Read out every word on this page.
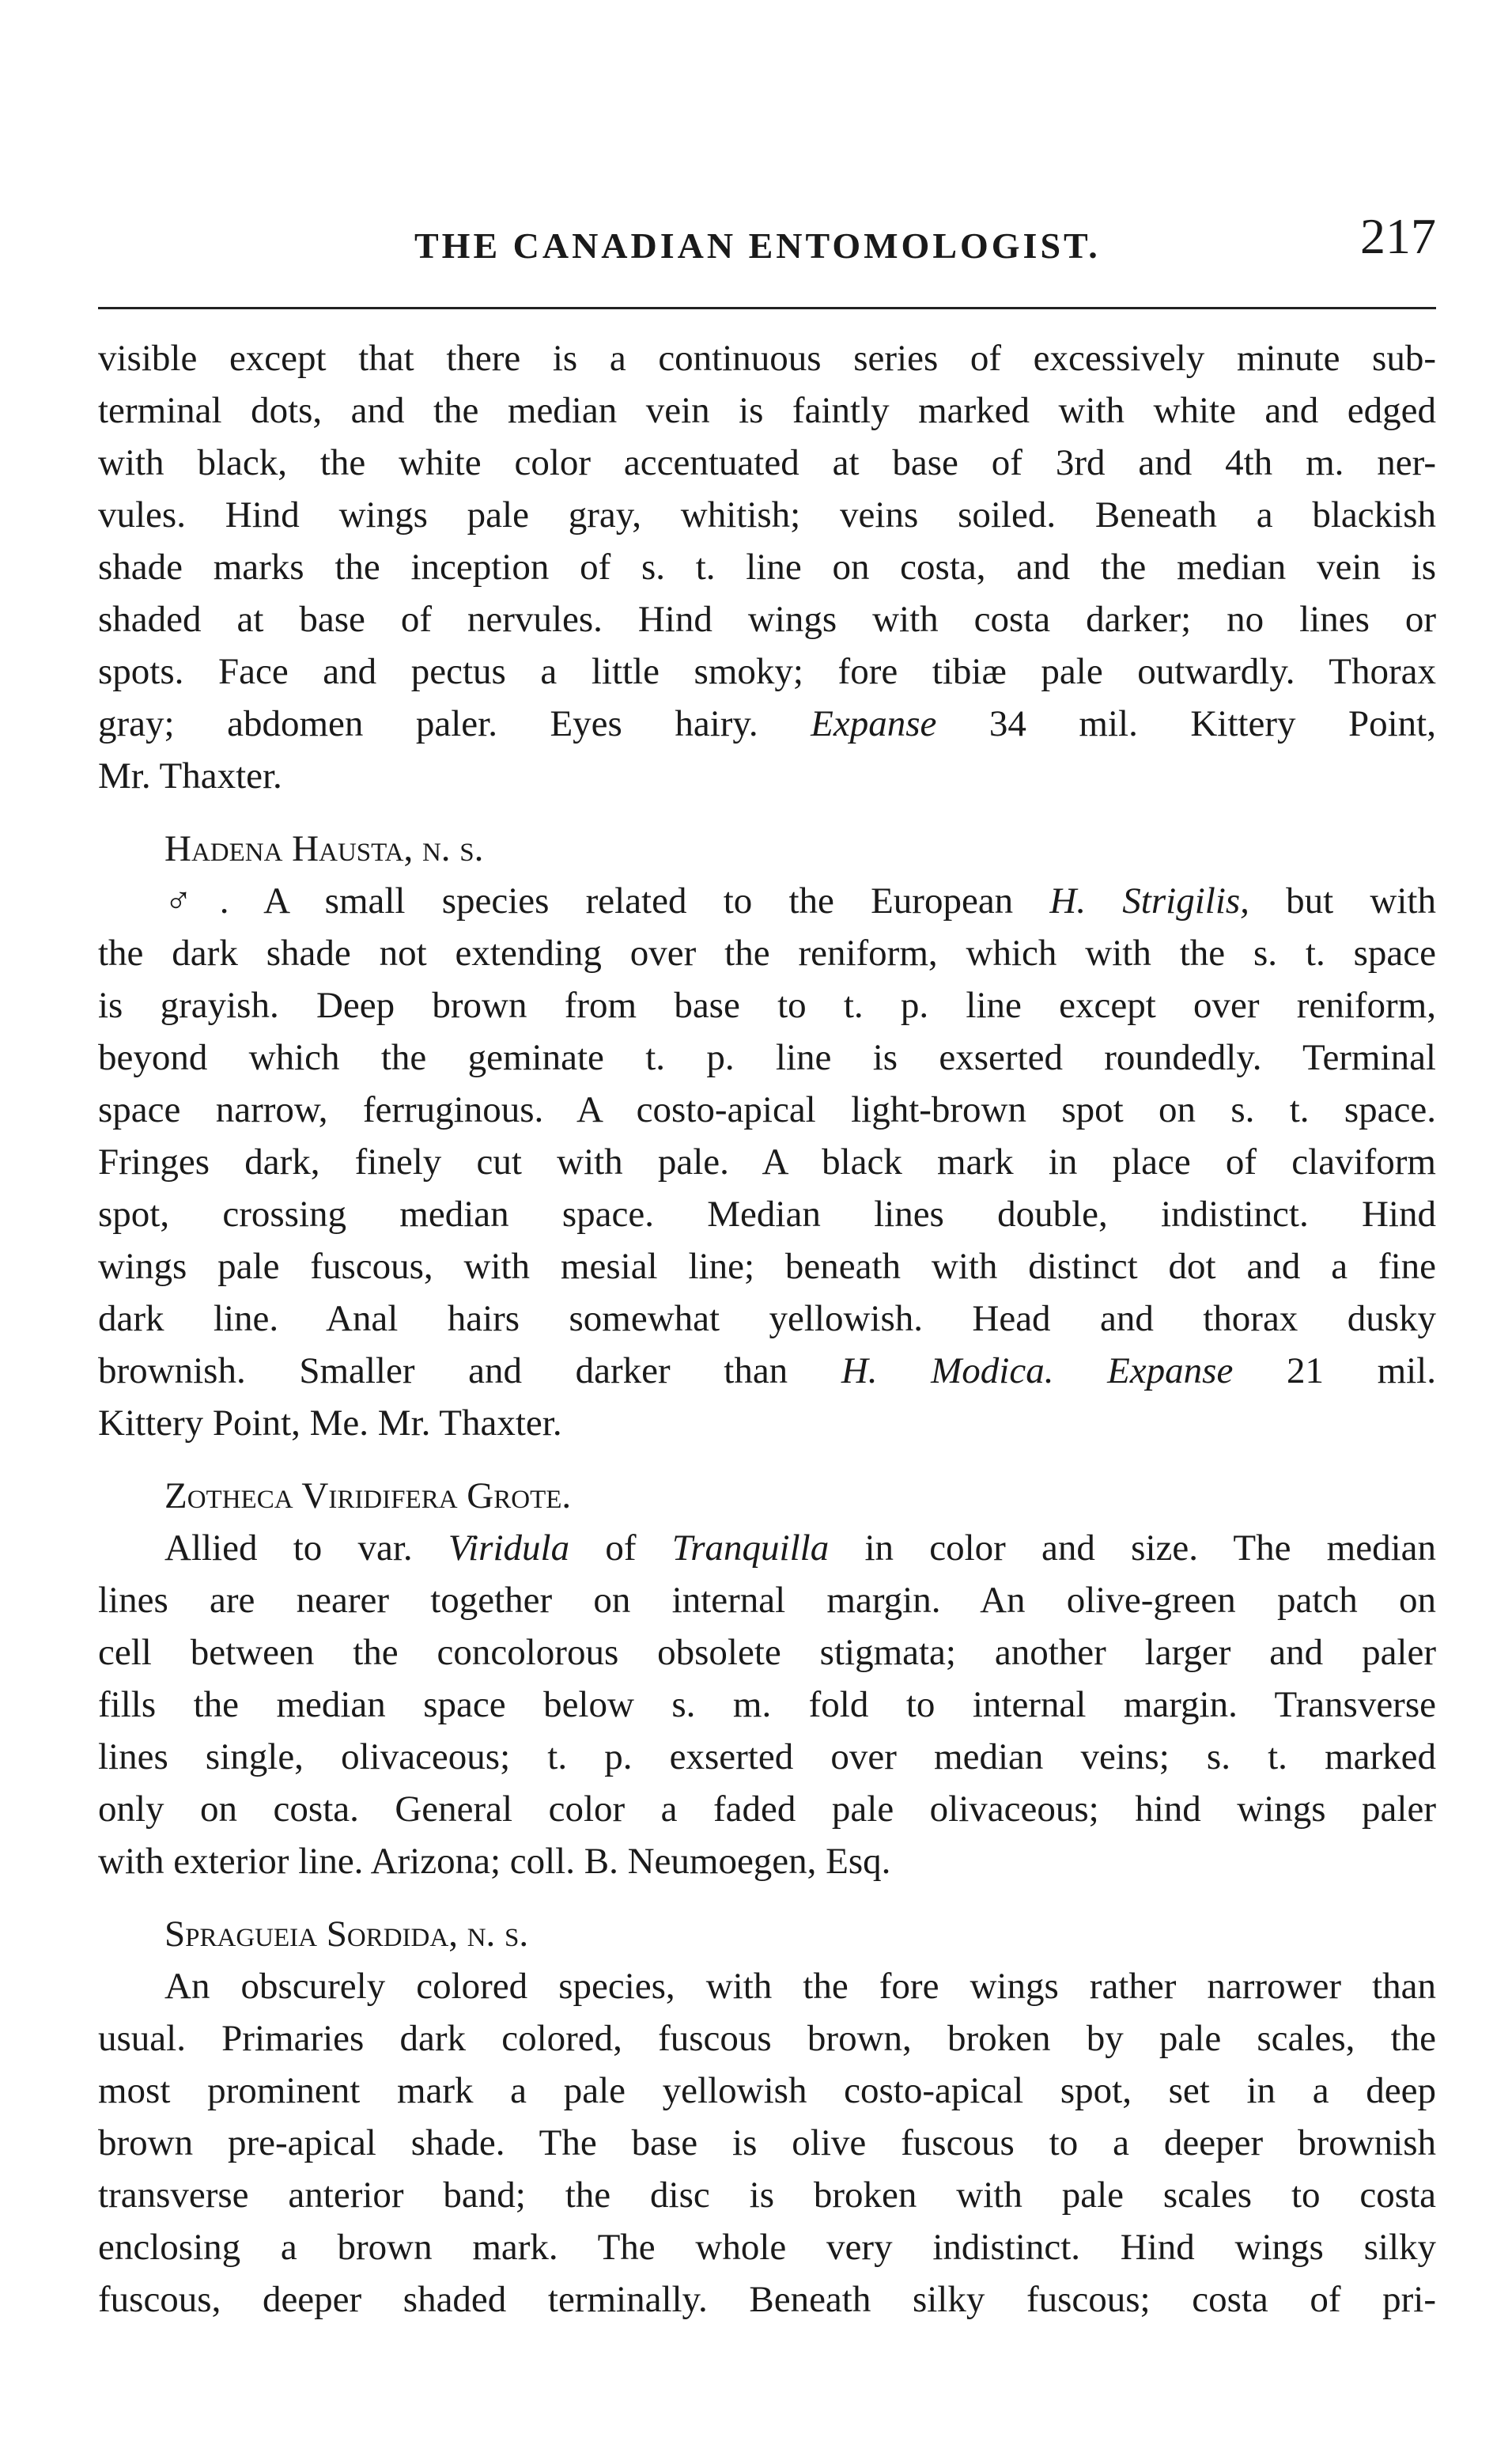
THE CANADIAN ENTOMOLOGIST.	217
visible except that there is a continuous series of excessively minute sub-
terminal dots, and the median vein is faintly marked with white and edged
with black, the white color accentuated at base of 3rd and 4th m. ner-
vules. Hind wings pale gray, whitish; veins soiled. Beneath a blackish
shade marks the inception of s. t. line on costa, and the median vein is
shaded at base of nervules. Hind wings with costa darker; no lines or
spots. Face and pectus a little smoky; fore tibiæ pale outwardly. Thorax
gray; abdomen paler. Eyes hairy. Expanse 34 mil. Kittery Point,
Mr. Thaxter.
Hadena Hausta, n. s.
♂. A small species related to the European H. Strigilis, but with
the dark shade not extending over the reniform, which with the s. t. space
is grayish. Deep brown from base to t. p. line except over reniform,
beyond which the geminate t. p. line is exserted roundedly. Terminal
space narrow, ferruginous. A costo-apical light-brown spot on s. t. space.
Fringes dark, finely cut with pale. A black mark in place of claviform
spot, crossing median space. Median lines double, indistinct. Hind
wings pale fuscous, with mesial line; beneath with distinct dot and a fine
dark line. Anal hairs somewhat yellowish. Head and thorax dusky
brownish. Smaller and darker than H. Modica. Expanse 21 mil.
Kittery Point, Me. Mr. Thaxter.
Zotheca Viridifera Grote.
Allied to var. Viridula of Tranquilla in color and size. The median
lines are nearer together on internal margin. An olive-green patch on
cell between the concolorous obsolete stigmata; another larger and paler
fills the median space below s. m. fold to internal margin. Transverse
lines single, olivaceous; t. p. exserted over median veins; s. t. marked
only on costa. General color a faded pale olivaceous; hind wings paler
with exterior line. Arizona; coll. B. Neumoegen, Esq.
Spragueia Sordida, n. s.
An obscurely colored species, with the fore wings rather narrower than
usual. Primaries dark colored, fuscous brown, broken by pale scales, the
most prominent mark a pale yellowish costo-apical spot, set in a deep
brown pre-apical shade. The base is olive fuscous to a deeper brownish
transverse anterior band; the disc is broken with pale scales to costa
enclosing a brown mark. The whole very indistinct. Hind wings silky
fuscous, deeper shaded terminally. Beneath silky fuscous; costa of pri-
